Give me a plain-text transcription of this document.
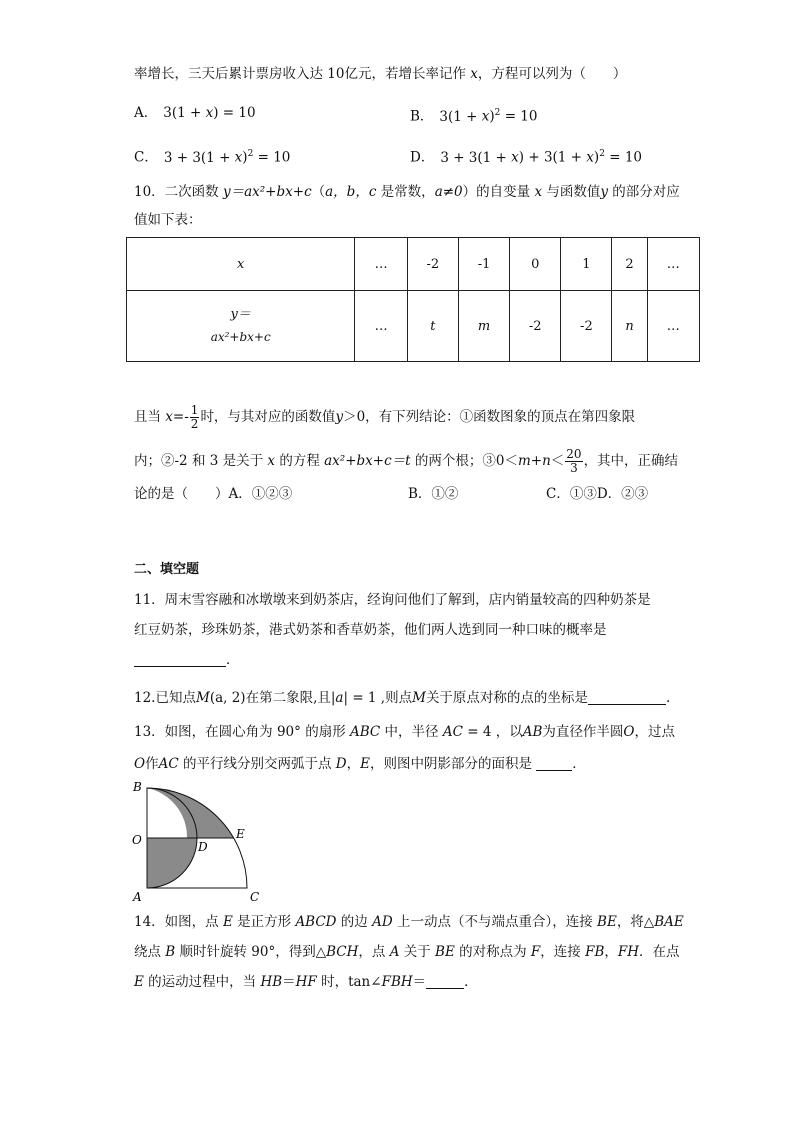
率增长，三天后累计票房收入达 10亿元，若增长率记作 x，方程可以列为（　　）
A． 3(1 + x) = 10	B． $3(1 + x)^2 = 10$
C． $3 + 3(1 + x)^2 = 10$	D． $3 + 3(1 + x) + 3(1 + x)^2 = 10$
10．二次函数 y＝ax²+bx+c（a，b，c 是常数，a≠0）的自变量 x 与函数值y 的部分对应
值如下表：
x	…	-2	-1	0	1	2	…

y＝
ax²+bx+c	…	t	m	-2	-2	n	…
且当 $x=- \frac{1}{2}$ 时，与其对应的函数值y＞0，有下列结论：①函数图象的顶点在第四象限
内；②-2 和 3 是关于 x 的方程 ax²+bx+c＝t 的两个根；③0＜m+n＜ $\frac{20}{3}$ ，其中，正确结
论的是（　　）A．①②③	B．①②	C．①③D．②③
二、填空题
11．周末雪容融和冰墩墩来到奶茶店，经询问他们了解到，店内销量较高的四种奶茶是
红豆奶茶，珍珠奶茶，港式奶茶和香草奶茶，他们两人选到同一种口味的概率是
．
12.已知点M(a, 2)在第二象限,且|a| = 1 ,则点M关于原点对称的点的坐标是	.
13．如图，在圆心角为 90° 的扇形 ABC 中，半径 AC = 4 ，以AB为直径作半圆O，过点
O作AC 的平行线分别交两弧于点 D，E，则图中阴影部分的面积是	．
B
O	D
E
A	C
14．如图，点 E 是正方形 ABCD 的边 AD 上一动点（不与端点重合），连接 BE，将△BAE
绕点 B 顺时针旋转 90°，得到△BCH，点 A 关于 BE 的对称点为 F，连接 FB，FH．在点
E 的运动过程中，当 HB＝HF 时，tan∠FBH＝	．
